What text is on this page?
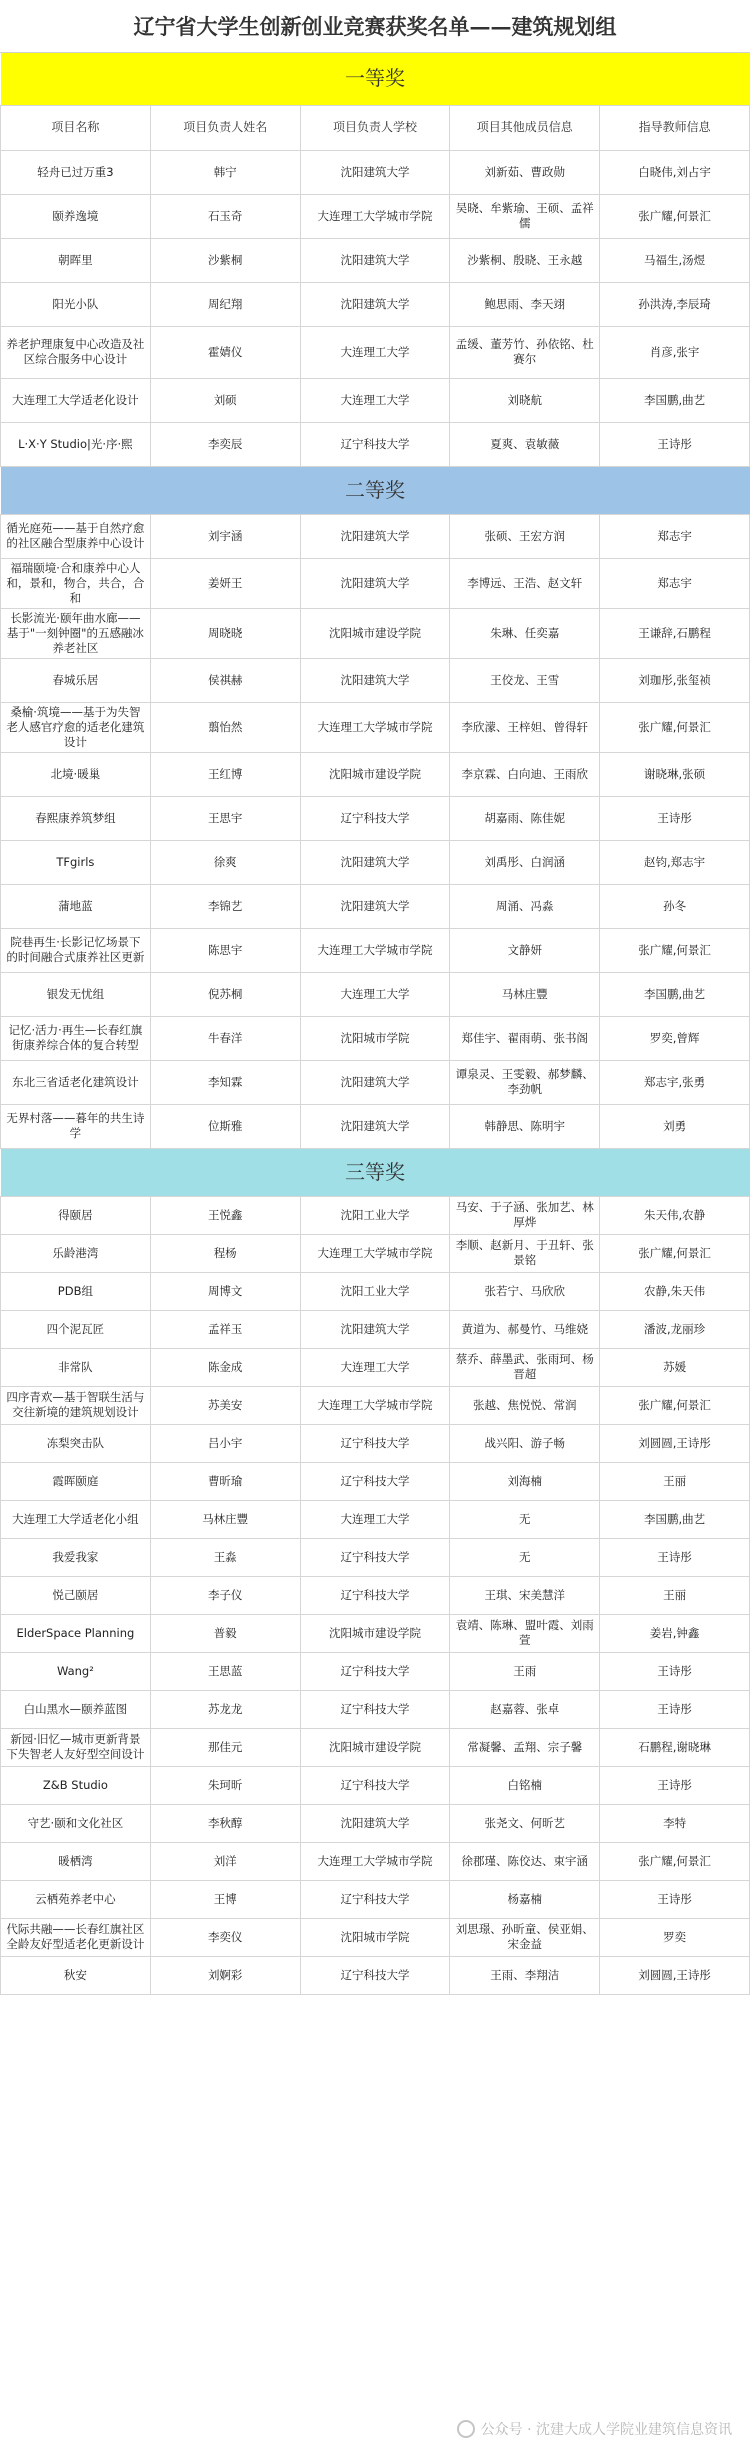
辽宁省大学生创新创业竞赛获奖名单——建筑规划组
一等奖				
项目名称	项目负责人姓名	项目负责人学校	项目其他成员信息	指导教师信息
轻舟已过万重3	韩宁	沈阳建筑大学	刘新茹、曹政勋	白晓伟,刘占宇
颐养逸境	石玉奇	大连理工大学城市学院	吴晓、牟紫瑜、王硕、孟祥儒	张广耀,何景汇
朝晖里	沙紫桐	沈阳建筑大学	沙紫桐、殷晓、王永越	马福生,汤煜
阳光小队	周纪翔	沈阳建筑大学	鲍思雨、李天翊	孙洪涛,李辰琦
养老护理康复中心改造及社区综合服务中心设计	霍婧仪	大连理工大学	孟缓、董芳竹、孙依铭、杜赛尔	肖彦,张宇
大连理工大学适老化设计	刘硕	大连理工大学	刘晓航	李国鹏,曲艺
L·X·Y Studio|光·序·熙	李奕辰	辽宁科技大学	夏爽、袁敏薇	王诗彤
二等奖				
循光庭苑——基于自然疗愈的社区融合型康养中心设计	刘宇涵	沈阳建筑大学	张硕、王宏方润	郑志宇
福瑞颐境·合和康养中心人和，景和，物合，共合，合和	姜妍王	沈阳建筑大学	李博远、王浩、赵文轩	郑志宇
长影流光·颐年曲水廊——基于"一刻钟圈"的五感融冰养老社区	周晓晓	沈阳城市建设学院	朱琳、任奕嘉	王谦辞,石鹏程
春城乐居	侯祺赫	沈阳建筑大学	王佼龙、王雪	刘珈彤,张玺祯
桑榆·筑境——基于为失智老人感官疗愈的适老化建筑设计	翦怡然	大连理工大学城市学院	李欣濛、王梓妲、曾得轩	张广耀,何景汇
北境·暖巢	王红博	沈阳城市建设学院	李京霖、白向迪、王雨欣	谢晓琳,张硕
春熙康养筑梦组	王思宇	辽宁科技大学	胡嘉雨、陈佳妮	王诗彤
TFgirls	徐爽	沈阳建筑大学	刘禹彤、白润涵	赵钧,郑志宇
蒲地蓝	李锦艺	沈阳建筑大学	周涌、冯淼	孙冬
院巷再生·长影记忆场景下的时间融合式康养社区更新	陈思宇	大连理工大学城市学院	文静妍	张广耀,何景汇
银发无忧组	倪苏桐	大连理工大学	马林庄豐	李国鹏,曲艺
记忆·活力·再生—长春红旗街康养综合体的复合转型	牛春洋	沈阳城市学院	郑佳宇、翟雨萌、张书阁	罗奕,曾辉
东北三省适老化建筑设计	李知霖	沈阳建筑大学	谭泉灵、王雯毅、郝梦麟、李劲帆	郑志宇,张勇
无界村落——暮年的共生诗学	位斯雅	沈阳建筑大学	韩静思、陈明宇	刘勇
三等奖				
得颐居	王悦鑫	沈阳工业大学	马安、于子涵、张加艺、林厚烨	朱天伟,农静
乐龄港湾	程杨	大连理工大学城市学院	李顺、赵新月、于丑轩、张景铭	张广耀,何景汇
PDB组	周博文	沈阳工业大学	张若宁、马欣欣	农静,朱天伟
四个泥瓦匠	孟祥玉	沈阳建筑大学	黄道为、郝曼竹、马维娆	潘波,龙丽珍
非常队	陈金成	大连理工大学	蔡乔、薛墨武、张雨珂、杨晋超	苏媛
四序青欢—基于智联生活与交往新境的建筑规划设计	苏美安	大连理工大学城市学院	张越、焦悦悦、常润	张广耀,何景汇
冻梨突击队	吕小宇	辽宁科技大学	战兴阳、游子畅	刘圆圆,王诗彤
霞晖颐庭	曹昕瑜	辽宁科技大学	刘海楠	王丽
大连理工大学适老化小组	马林庄豐	大连理工大学	无	李国鹏,曲艺
我爱我家	王淼	辽宁科技大学	无	王诗彤
悦己颐居	李子仪	辽宁科技大学	王琪、宋美慧洋	王丽
ElderSpace Planning	普毅	沈阳城市建设学院	袁靖、陈琳、盟叶霞、刘雨萱	姜岩,钟鑫
Wang²	王思蓝	辽宁科技大学	王雨	王诗彤
白山黑水—颐养蓝图	苏龙龙	辽宁科技大学	赵嘉蓉、张卓	王诗彤
新园·旧忆—城市更新背景下失智老人友好型空间设计	那佳元	沈阳城市建设学院	常凝馨、孟翔、宗子馨	石鹏程,谢晓琳
Z&B Studio	朱珂昕	辽宁科技大学	白铭楠	王诗彤
守艺·颐和文化社区	李秋醇	沈阳建筑大学	张尧文、何昕艺	李特
暖栖湾	刘洋	大连理工大学城市学院	徐郡瑾、陈佼达、束宇涵	张广耀,何景汇
云栖苑养老中心	王博	辽宁科技大学	杨嘉楠	王诗彤
代际共融——长春红旗社区全龄友好型适老化更新设计	李奕仪	沈阳城市学院	刘思璟、孙昕童、侯亚娟、宋金益	罗奕
秋安	刘婀彩	辽宁科技大学	王雨、李翔洁	刘圆圆,王诗彤
公众号 · 沈建大成人学院业建筑信息资讯
